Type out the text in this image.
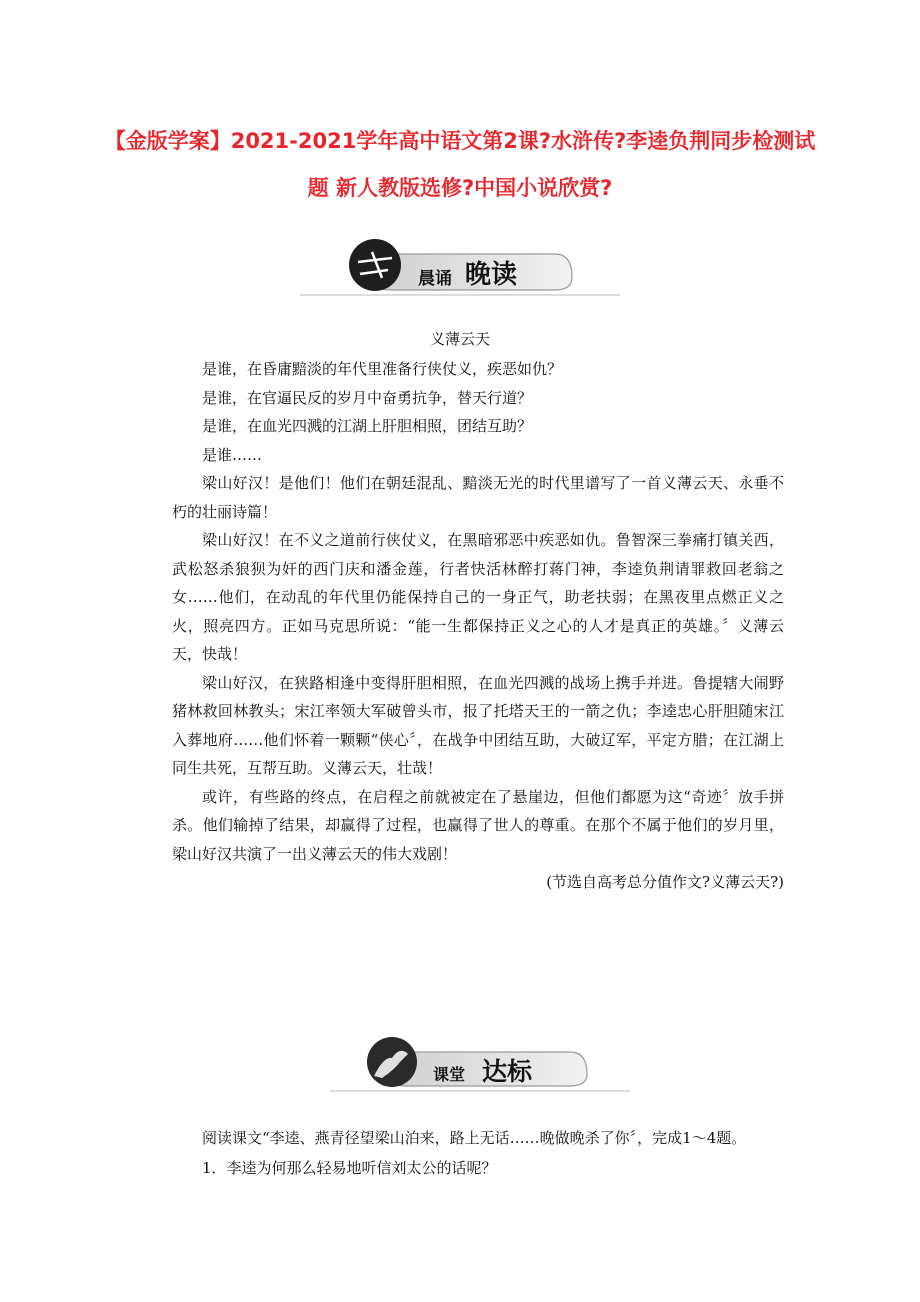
【金版学案】2021-2021学年高中语文第2课?水浒传?李逵负荆同步检测试题 新人教版选修?中国小说欣赏?
晨诵 晚读
义薄云天

是谁，在昏庸黯淡的年代里准备行侠仗义，疾恶如仇？

是谁，在官逼民反的岁月中奋勇抗争，替天行道？

是谁，在血光四溅的江湖上肝胆相照，团结互助？

是谁……

梁山好汉！是他们！他们在朝廷混乱、黯淡无光的时代里谱写了一首义薄云天、永垂不朽的壮丽诗篇！

梁山好汉！在不义之道前行侠仗义，在黑暗邪恶中疾恶如仇。鲁智深三拳痛打镇关西，武松怒杀狼狈为奸的西门庆和潘金莲，行者快活林醉打蒋门神，李逵负荆请罪救回老翁之女……他们，在动乱的年代里仍能保持自己的一身正气，助老扶弱；在黑夜里点燃正义之火，照亮四方。正如马克思所说：“能一生都保持正义之心的人才是真正的英雄。〞义薄云天，快哉！

梁山好汉，在狭路相逢中变得肝胆相照，在血光四溅的战场上携手并进。鲁提辖大闹野猪林救回林教头；宋江率领大军破曾头市，报了托塔天王的一箭之仇；李逵忠心肝胆随宋江入葬地府……他们怀着一颗颗“侠心〞，在战争中团结互助，大破辽军，平定方腊；在江湖上同生共死，互帮互助。义薄云天，壮哉！

或许，有些路的终点，在启程之前就被定在了悬崖边，但他们都愿为这“奇迹〞放手拼杀。他们输掉了结果，却赢得了过程，也赢得了世人的尊重。在那个不属于他们的岁月里，梁山好汉共演了一出义薄云天的伟大戏剧！

(节选自高考总分值作文?义薄云天?)

课堂 达标

阅读课文“李逵、燕青径望梁山泊来，路上无话……晚做晚杀了你〞，完成1～4题。

1．李逵为何那么轻易地听信刘太公的话呢？
